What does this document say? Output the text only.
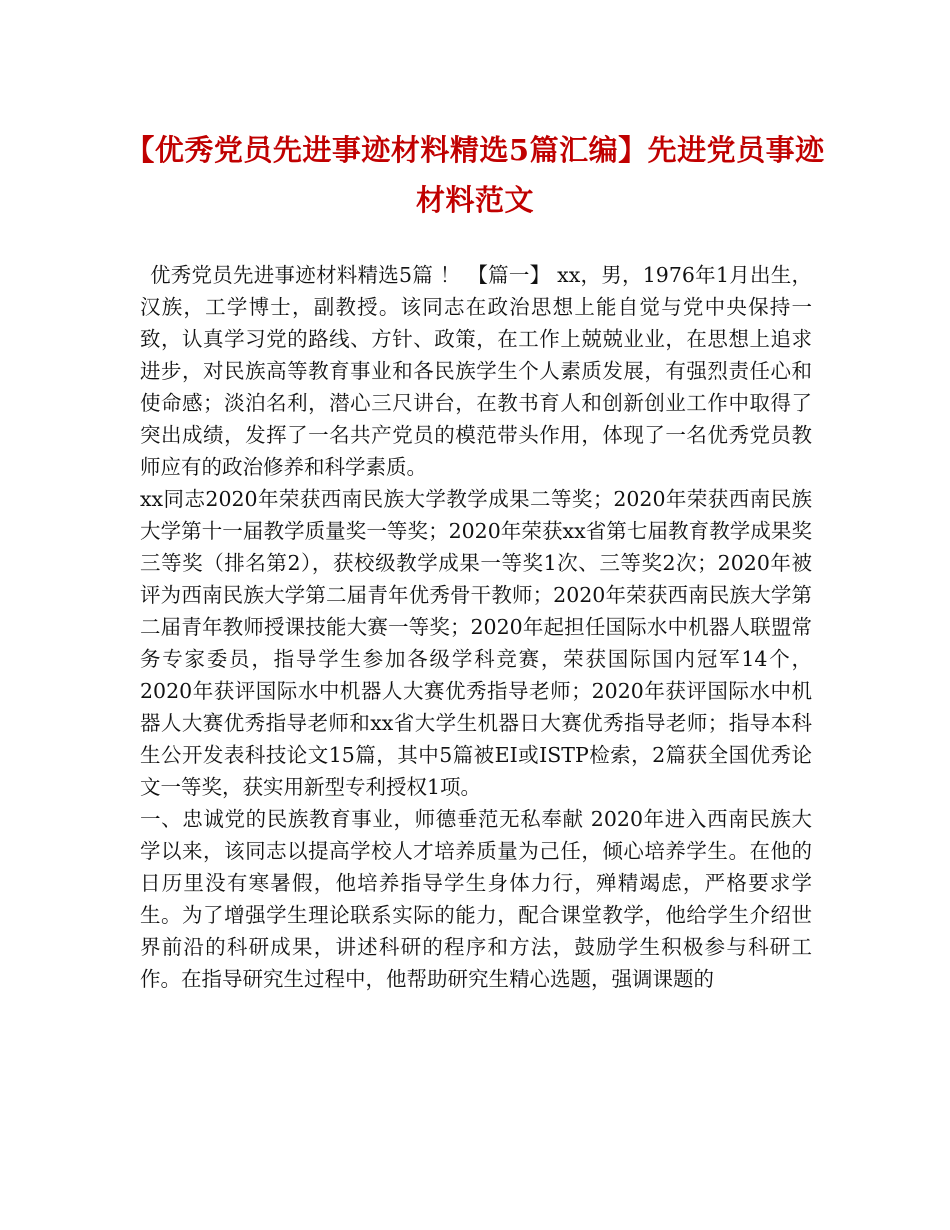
【优秀党员先进事迹材料精选5篇汇编】先进党员事迹材料范文

优秀党员先进事迹材料精选5篇 ！ 【篇一】 xx，男，1976年1月出生，汉族，工学博士，副教授。该同志在政治思想上能自觉与党中央保持一致，认真学习党的路线、方针、政策，在工作上兢兢业业，在思想上追求进步，对民族高等教育事业和各民族学生个人素质发展，有强烈责任心和使命感；淡泊名利，潜心三尺讲台，在教书育人和创新创业工作中取得了突出成绩，发挥了一名共产党员的模范带头作用，体现了一名优秀党员教师应有的政治修养和科学素质。

xx同志2020年荣获西南民族大学教学成果二等奖；2020年荣获西南民族大学第十一届教学质量奖一等奖；2020年荣获xx省第七届教育教学成果奖三等奖（排名第2），获校级教学成果一等奖1次、三等奖2次；2020年被评为西南民族大学第二届青年优秀骨干教师；2020年荣获西南民族大学第二届青年教师授课技能大赛一等奖；2020年起担任国际水中机器人联盟常务专家委员，指导学生参加各级学科竞赛，荣获国际国内冠军14个，2020年获评国际水中机器人大赛优秀指导老师；2020年获评国际水中机器人大赛优秀指导老师和xx省大学生机器日大赛优秀指导老师；指导本科生公开发表科技论文15篇，其中5篇被EI或ISTP检索，2篇获全国优秀论文一等奖，获实用新型专利授权1项。

一、忠诚党的民族教育事业，师德垂范无私奉献 2020年进入西南民族大学以来，该同志以提高学校人才培养质量为己任，倾心培养学生。在他的日历里没有寒暑假，他培养指导学生身体力行，殚精竭虑，严格要求学生。为了增强学生理论联系实际的能力，配合课堂教学，他给学生介绍世界前沿的科研成果，讲述科研的程序和方法，鼓励学生积极参与科研工作。在指导研究生过程中，他帮助研究生精心选题，强调课题的
